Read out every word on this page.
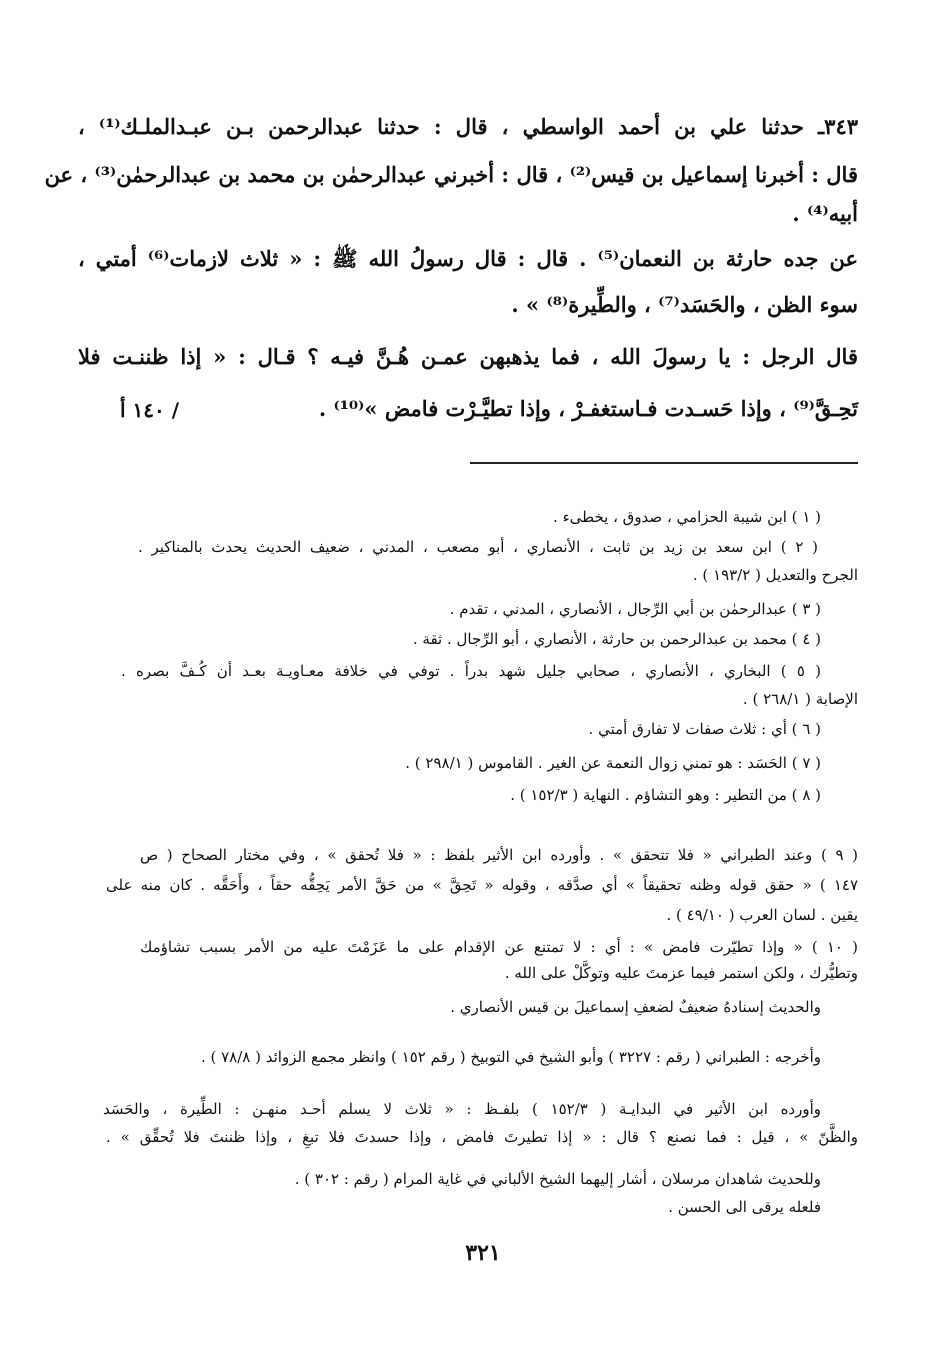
٣٤٣ـ حدثنا علي بن أحمد الواسطي ، قال : حدثنا عبدالرحمن بـن عبـدالملـك⁽¹⁾ ،
قال : أخبرنا إسماعيل بن قيس⁽²⁾ ، قال : أخبرني عبدالرحمٰن بن محمد بن عبدالرحمٰن⁽³⁾ ، عن
أبيه⁽⁴⁾ .
عن جده حارثة بن النعمان⁽⁵⁾ . قال : قال رسولُ الله ﷺ : « ثلاث لازمات⁽⁶⁾ أمتي ،
سوء الظن ، والحَسَد⁽⁷⁾ ، والطِّيرة⁽⁸⁾ » .
قال الرجل : يا رسولَ الله ، فما يذهبهن عمـن هُـنَّ فيـه ؟ قـال : « إذا ظننـت فلا
تَحِـقَّ⁽⁹⁾ ، وإذا حَسـدت فـاستغفـرْ ، وإذا تطيَّـرْت فامض »⁽¹⁰⁾ .
/ ١٤٠ أ
( ١ ) ابن شيبة الحزامي ، صدوق ، يخطىء .
( ٢ ) ابن سعد بن زيد بن ثابت ، الأنصاري ، أبو مصعب ، المدني ، ضعيف الحديث يحدث بالمناكير .
الجرح والتعديل ( ١٩٣/٢ ) .
( ٣ ) عبدالرحمٰن بن أبي الرِّجال ، الأنصاري ، المدني ، تقدم .
( ٤ ) محمد بن عبدالرحمن بن حارثة ، الأنصاري ، أبو الرِّجال . ثقة .
( ٥ ) البخاري ، الأنصاري ، صحابي جليل شهد بدراً . توفي في خلافة معـاويـة بعـد أن كُـفَّ بصره .
الإصابة ( ٢٦٨/١ ) .
( ٦ ) أي : ثلاث صفات لا تفارق أمتي .
( ٧ ) الحَسَد : هو تمني زوال النعمة عن الغير . القاموس ( ٢٩٨/١ ) .
( ٨ ) من التطير : وهو التشاؤم . النهاية ( ١٥٢/٣ ) .
( ٩ ) وعند الطبراني « فلا تتحقق » . وأورده ابن الأثير بلفظ : « فلا تُحقق » ، وفي مختار الصحاح ( ص
١٤٧ ) « حقق قوله وظنه تحقيقاً » أي صدَّقه ، وقوله « تَحِقَّ » من حَقَّ الأمر يَحِقُّه حقاً ، وأَحَقَّه . كان منه على
يقين . لسان العرب ( ٤٩/١٠ ) .
( ١٠ ) « وإذا تطيّرت فامض » : أي : لا تمتنع عن الإقدام على ما عَزَمْتَ عليه من الأمر بسبب تشاؤمك
وتطيُّرك ، ولكن استمر فيما عزمتَ عليه وتوكَّلْ على الله .
والحديث إسنادهُ ضعيفٌ لضعفِ إسماعيلَ بن قيس الأنصاري .
وأخرجه : الطبراني ( رقم : ٣٢٢٧ ) وأبو الشيخ في التوبيخ ( رقم ١٥٢ ) وانظر مجمع الزوائد ( ٧٨/٨ ) .
وأورده ابن الأثير في البدايـة ( ١٥٢/٣ ) بلفـظ : « ثلاث لا يسلم أحـد منهـن : الطِّيرة ، والحَسَد
والظَّنّ » ، قيل : فما نصنع ؟ قال : « إذا تطيرتَ فامض ، وإذا حسدتَ فلا تبغِ ، وإذا ظننتَ فلا تُحقِّق » .
وللحديث شاهدان مرسلان ، أشار إليهما الشيخ الألباني في غاية المرام ( رقم : ٣٠٢ ) .
فلعله يرقى الى الحسن .
٣٢١
